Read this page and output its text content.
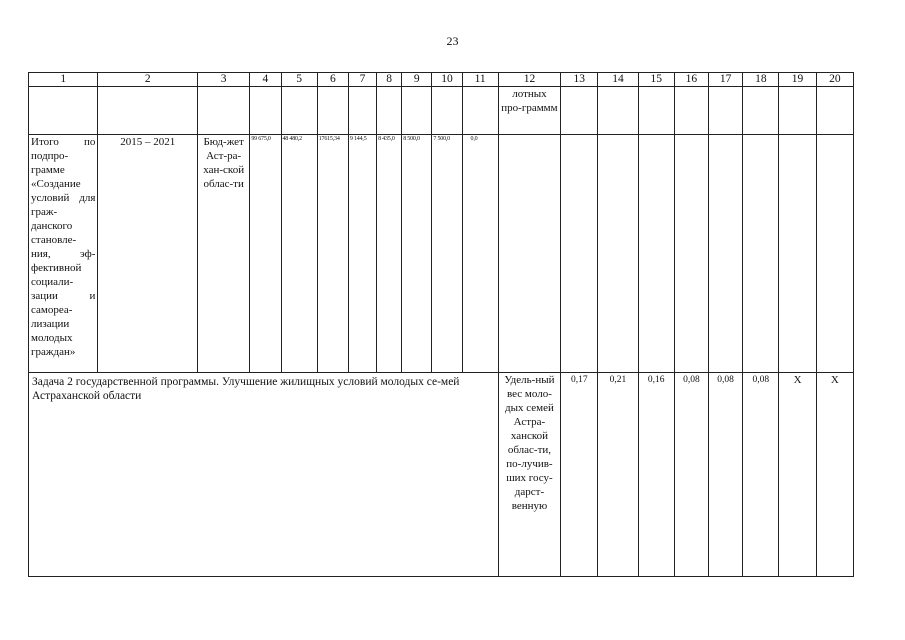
23
1	2	3	4	5	6	7	8	9	10	11	12	13	14	15	16	17	18	19	20
											лотных про-граммм								
Итого по подпро-грамме «Создание условий для граж-данского становле-ния, эф-фективной социали-зации и самореа-лизации молодых граждан»	2015 – 2021	Бюд-жет Аст-ра-хан-ской облас-ти	99 675,0	48 480,2	17615,34	9 144,5	8 435,0	8 500,0	7 500,0	0,0									
Задача 2 государственной программы. Улучшение жилищных условий молодых се-мей Астраханской области											Удель-ный вес моло-дых семей Астра-ханской облас-ти, по-лучив-ших госу-дарст-венную	0,17	0,21	0,16	0,08	0,08	0,08	X	X
